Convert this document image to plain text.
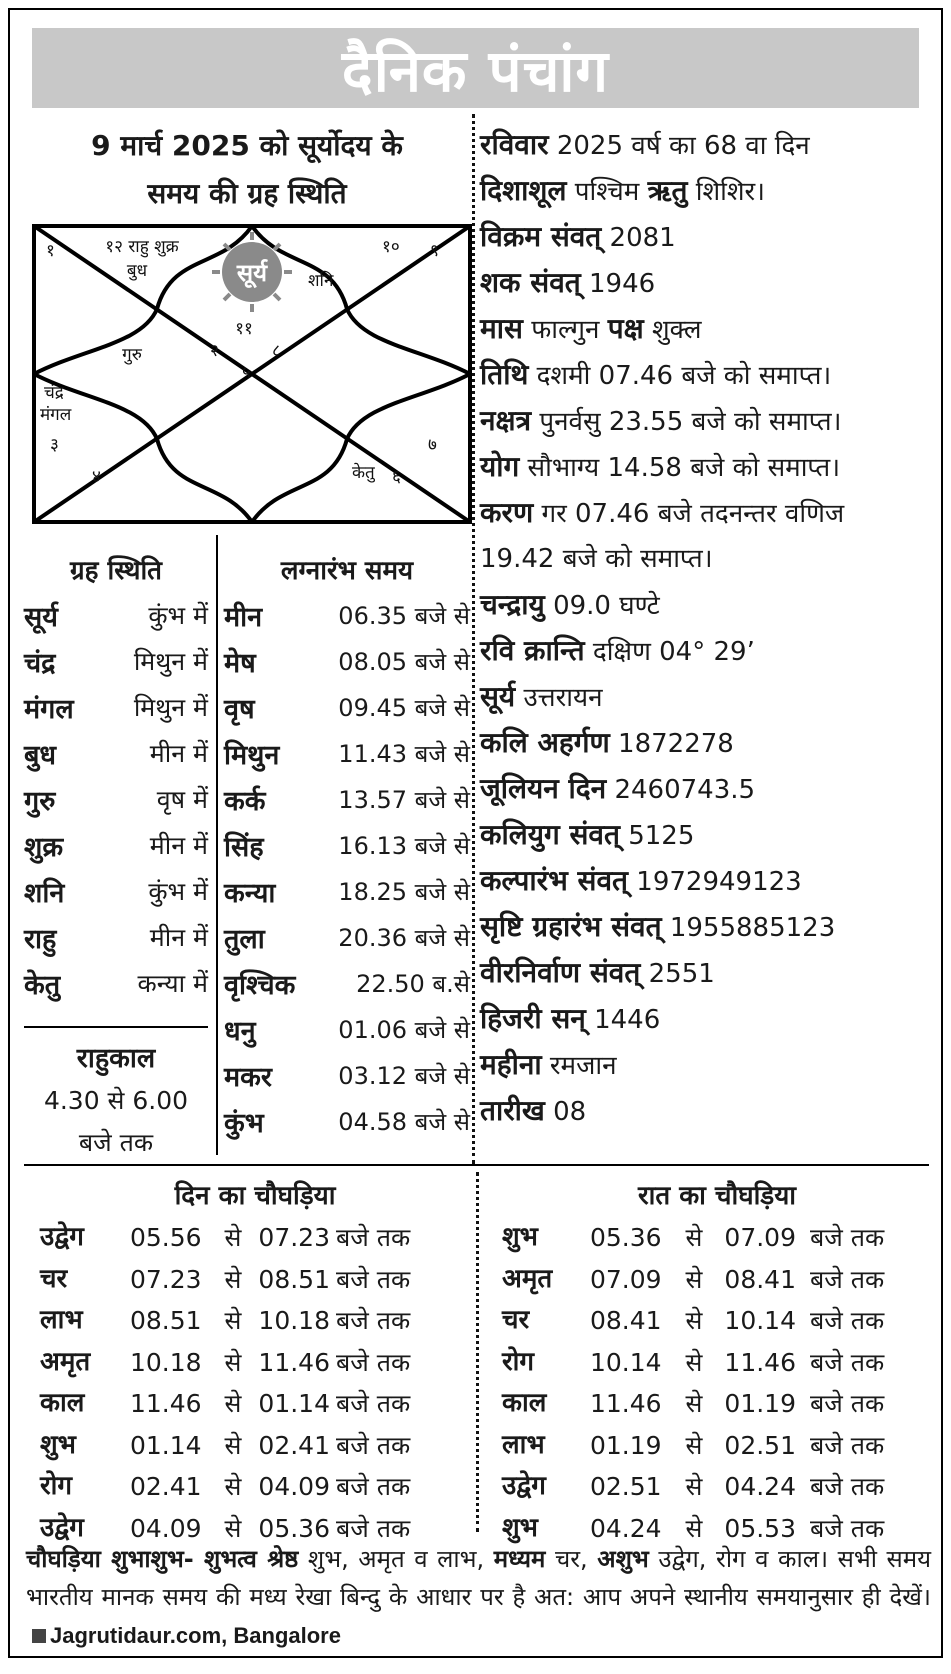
दैनिक पंचांग
9 मार्च 2025 को सूर्योदय के
समय की ग्रह स्थिति
सूर्य
११
१२ राहु शुक्र
बुध
१
गुरु	२
चंद्र
मंगल
३
४
५
केतु ६
७
८
शनि
१० ९
ग्रह स्थिति
सूर्य	कुंभ में
चंद्र	मिथुन में
मंगल मिथुन में
बुध	मीन में
गुरु	वृष में
शुक्र	मीन में
शनि	कुंभ में
राहु	मीन में
केतु	कन्या में
लग्नारंभ समय
मीन	06.35 बजे से
मेष	08.05 बजे से
वृष	09.45 बजे से
मिथुन	11.43 बजे से
कर्क	13.57 बजे से
सिंह	16.13 बजे से
कन्या	18.25 बजे से
तुला	20.36 बजे से
वृश्चिक	22.50 ब.से
धनु	01.06 बजे से
मकर	03.12 बजे से
कुंभ	04.58 बजे से
राहुकाल
4.30 से 6.00
बजे तक
रविवार 2025 वर्ष का 68 वा दिन
दिशाशूल पश्चिम ऋतु शिशिर।
विक्रम संवत् 2081
शक संवत् 1946
मास फाल्गुन पक्ष शुक्ल
तिथि दशमी 07.46 बजे को समाप्त।
नक्षत्र पुनर्वसु 23.55 बजे को समाप्त।
योग सौभाग्य 14.58 बजे को समाप्त।
करण गर 07.46 बजे तदनन्तर वणिज
19.42 बजे को समाप्त।
चन्द्रायु 09.0 घण्टे
रवि क्रान्ति दक्षिण 04° 29’
सूर्य उत्तरायन
कलि अहर्गण 1872278
जूलियन दिन 2460743.5
कलियुग संवत् 5125
कल्पारंभ संवत् 1972949123
सृष्टि ग्रहारंभ संवत् 1955885123
वीरनिर्वाण संवत् 2551
हिजरी सन् 1446
महीना रमजान
तारीख 08
दिन का चौघड़िया
उद्वेग	05.56 से 07.23 बजे तक
चर	07.23 से 08.51 बजे तक
लाभ	08.51 से 10.18 बजे तक
अमृत	10.18 से 11.46 बजे तक
काल	11.46 से 01.14 बजे तक
शुभ	01.14 से 02.41 बजे तक
रोग	02.41 से 04.09 बजे तक
उद्वेग	04.09 से 05.36 बजे तक
रात का चौघड़िया
शुभ	05.36 से 07.09 बजे तक
अमृत	07.09 से 08.41 बजे तक
चर	08.41 से 10.14 बजे तक
रोग	10.14 से 11.46 बजे तक
काल	11.46 से 01.19 बजे तक
लाभ	01.19 से 02.51 बजे तक
उद्वेग	02.51 से 04.24 बजे तक
शुभ	04.24 से 05.53 बजे तक
चौघड़िया शुभाशुभ- शुभत्व श्रेष्ठ शुभ, अमृत व लाभ, मध्यम चर, अशुभ उद्वेग, रोग व काल। सभी समय भारतीय मानक समय की मध्य रेखा बिन्दु के आधार पर है अत: आप अपने स्थानीय समयानुसार ही देखें।Jagrutidaur.com, Bangalore
